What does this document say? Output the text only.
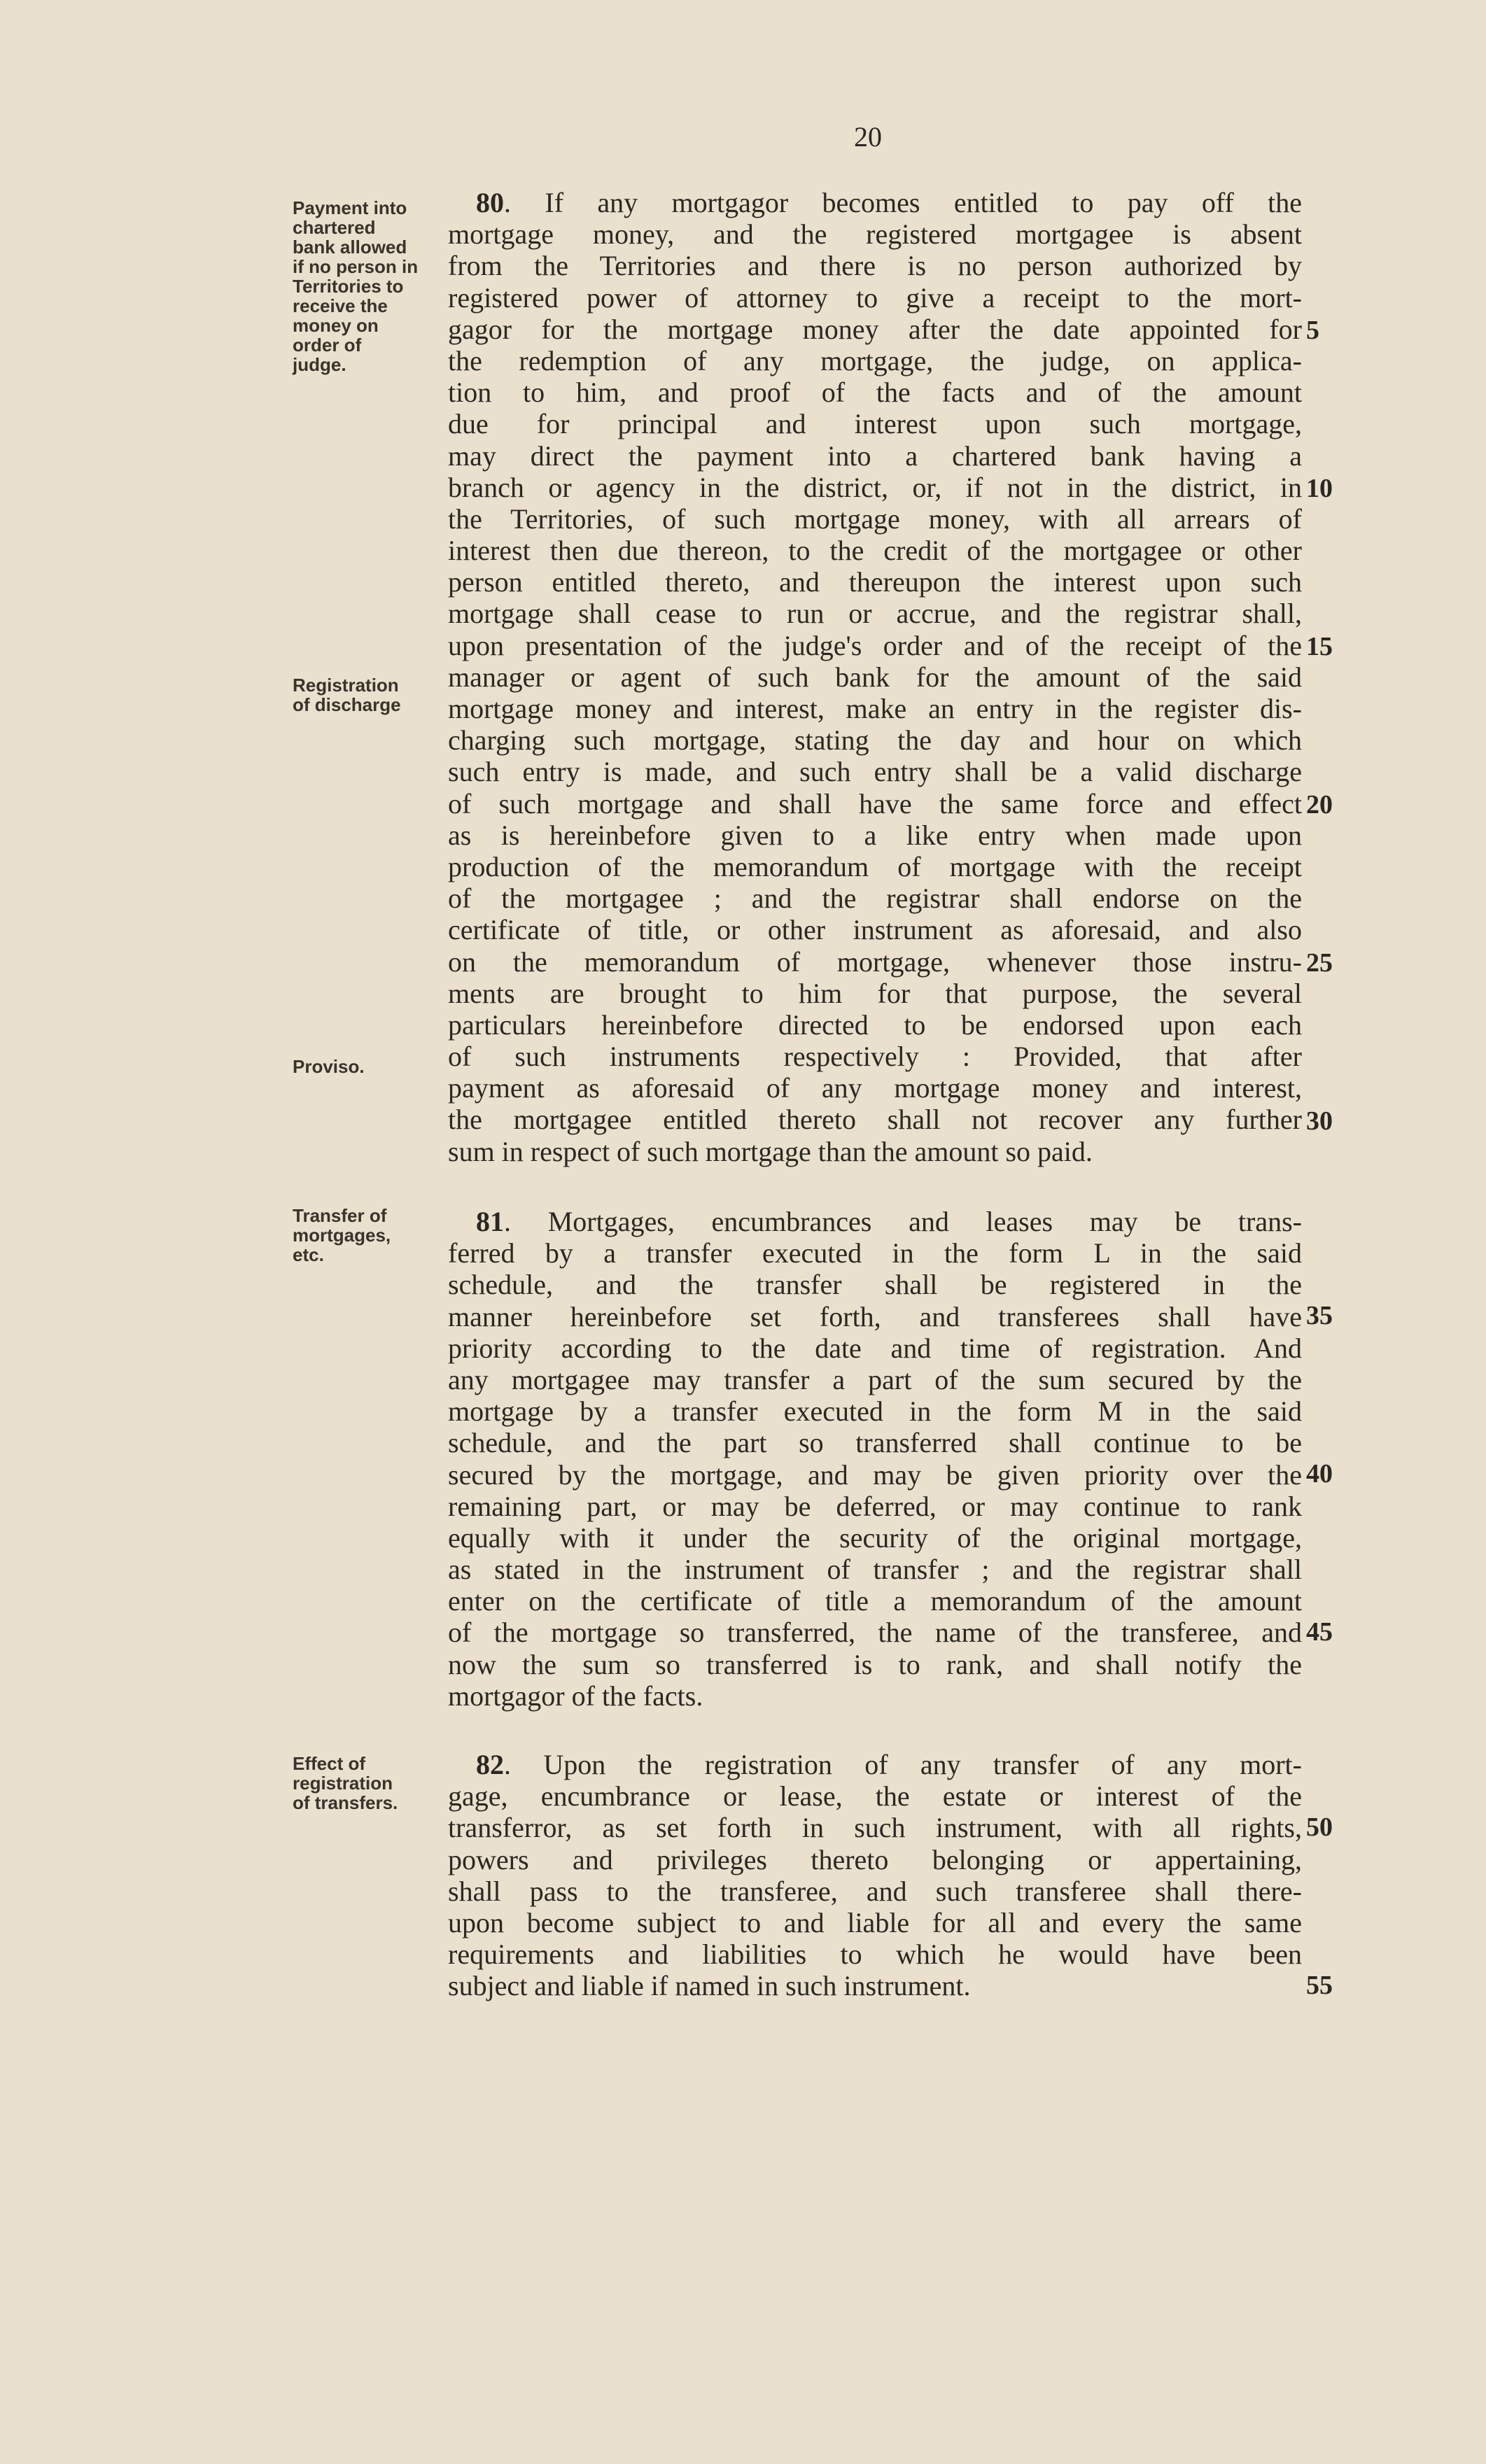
20
Payment into
chartered
bank allowed
if no person in
Territories to
receive the
money on
order of
judge.
Registration
of discharge
Proviso.
Transfer of
mortgages,
etc.
Effect of
registration
of transfers.
80. If any mortgagor becomes entitled to pay off the
mortgage money, and the registered mortgagee is absent
from the Territories and there is no person authorized by
registered power of attorney to give a receipt to the mort-
gagor for the mortgage money after the date appointed for
the redemption of any mortgage, the judge, on applica-
tion to him, and proof of the facts and of the amount
due for principal and interest upon such mortgage,
may direct the payment into a chartered bank having a
branch or agency in the district, or, if not in the district, in
the Territories, of such mortgage money, with all arrears of
interest then due thereon, to the credit of the mortgagee or other
person entitled thereto, and thereupon the interest upon such
mortgage shall cease to run or accrue, and the registrar shall,
upon presentation of the judge's order and of the receipt of the
manager or agent of such bank for the amount of the said
mortgage money and interest, make an entry in the register dis-
charging such mortgage, stating the day and hour on which
such entry is made, and such entry shall be a valid discharge
of such mortgage and shall have the same force and effect
as is hereinbefore given to a like entry when made upon
production of the memorandum of mortgage with the receipt
of the mortgagee ; and the registrar shall endorse on the
certificate of title, or other instrument as aforesaid, and also
on the memorandum of mortgage, whenever those instru-
ments are brought to him for that purpose, the several
particulars hereinbefore directed to be endorsed upon each
of such instruments respectively : Provided, that after
payment as aforesaid of any mortgage money and interest,
the mortgagee entitled thereto shall not recover any further
sum in respect of such mortgage than the amount so paid.
81. Mortgages, encumbrances and leases may be trans-
ferred by a transfer executed in the form L in the said
schedule, and the transfer shall be registered in the
manner hereinbefore set forth, and transferees shall have
priority according to the date and time of registration. And
any mortgagee may transfer a part of the sum secured by the
mortgage by a transfer executed in the form M in the said
schedule, and the part so transferred shall continue to be
secured by the mortgage, and may be given priority over the
remaining part, or may be deferred, or may continue to rank
equally with it under the security of the original mortgage,
as stated in the instrument of transfer ; and the registrar shall
enter on the certificate of title a memorandum of the amount
of the mortgage so transferred, the name of the transferee, and
now the sum so transferred is to rank, and shall notify the
mortgagor of the facts.
82. Upon the registration of any transfer of any mort-
gage, encumbrance or lease, the estate or interest of the
transferror, as set forth in such instrument, with all rights,
powers and privileges thereto belonging or appertaining,
shall pass to the transferee, and such transferee shall there-
upon become subject to and liable for all and every the same
requirements and liabilities to which he would have been
subject and liable if named in such instrument.
5
10
15
20
25
30
35
40
45
50
55
